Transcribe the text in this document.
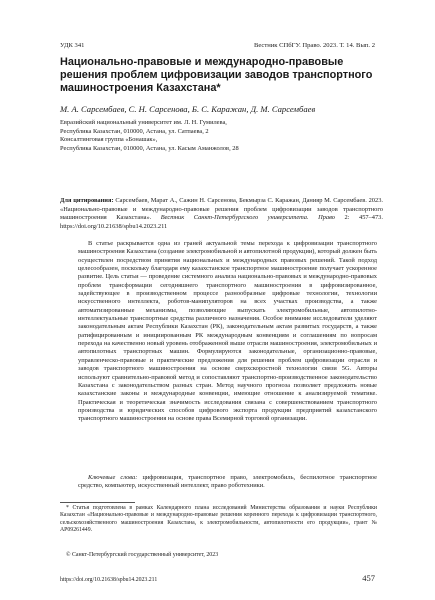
УДК 341	Вестник СПбГУ. Право. 2023. Т. 14. Вып. 2
Национально-правовые и международно-правовые решения проблем цифровизации заводов транспортного машиностроения Казахстана*

М. А. Сарсембаев, С. Н. Сарсенова, Б. С. Каражан, Д. М. Сарсембаев

Евразийский национальный университет им. Л. Н. Гумилева,
Республика Казахстан, 010000, Астана, ул. Сатпаева, 2
Консалтинговая группа «Бонашак»,
Республика Казахстан, 010000, Астана, ул. Касым Аманжолов, 28
Для цитирования: Сарсембаев, Марат А., Сажин Н. Сарсенова, Бекмырза С. Каражан, Данияр М. Сарсембаев. 2023. «Национально-правовые и международно-правовые решения проблем цифровизации заводов транспортного машиностроения Казахстана». Вестник Санкт-Петербургского университета. Право 2: 457–473. https://doi.org/10.21638/spbu14.2023.211

В статье раскрывается одна из граней актуальной темы перехода к цифровизации транспортного машиностроения Казахстана (создание электромобильной и автопилотной продукции), который должен быть осуществлен посредством принятия национальных и международных правовых решений. Такой подход целесообразен, поскольку благодаря ему казахстанское транспортное машиностроение получает ускоренное развитие. Цель статьи — проведение системного анализа национально-правовых и международно-правовых проблем трансформации сегодняшнего транспортного машиностроения в цифровизированное, задействующее в производственном процессе разнообразные цифровые технологии, технологии искусственного интеллекта, роботов-манипуляторов на всех участках производства, а также автоматизированные механизмы, позволяющие выпускать электромобильные, автопилотно-интеллектуальные транспортные средства различного назначения. Особое внимание исследователи уделяют законодательным актам Республики Казахстан (РК), законодательным актам развитых государств, а также ратифицированным и инициированным РК международным конвенциям и соглашениям по вопросам перехода на качественно новый уровень отображенной выше отрасли машиностроения, электромобильных и автопилотных транспортных машин. Формулируются законодательные, организационно-правовые, управленческо-правовые и практические предложения для решения проблем цифровизации отрасли и заводов транспортного машиностроения на основе сверхскоростной технологии связи 5G. Авторы используют сравнительно-правовой метод и сопоставляют транспортно-производственное законодательство Казахстана с законодательством разных стран. Метод научного прогноза позволяет предложить новые казахстанские законы и международные конвенции, имеющие отношение к анализируемой тематике. Практическая и теоретическая значимость исследования связана с совершенствованием транспортного производства и юридических способов цифрового экспорта продукции предприятий казахстанского транспортного машиностроения на основе права Всемирной торговой организации.

Ключевые слова: цифровизация, транспортное право, электромобиль, беспилотное транспортное средство, компьютер, искусственный интеллект, право роботехники.
* Статья подготовлена в рамках Календарного плана исследований Министерства образования и науки Республики Казахстан «Национально-правовые и международно-правовые решения коренного перехода к цифровизации транспортного, сельскохозяйственного машиностроения Казахстана, к электромобильности, автопилотности его продукции», грант № АР09261449.
© Санкт-Петербургский государственный университет, 2023
https://doi.org/10.21638/spbu14.2023.211	457
